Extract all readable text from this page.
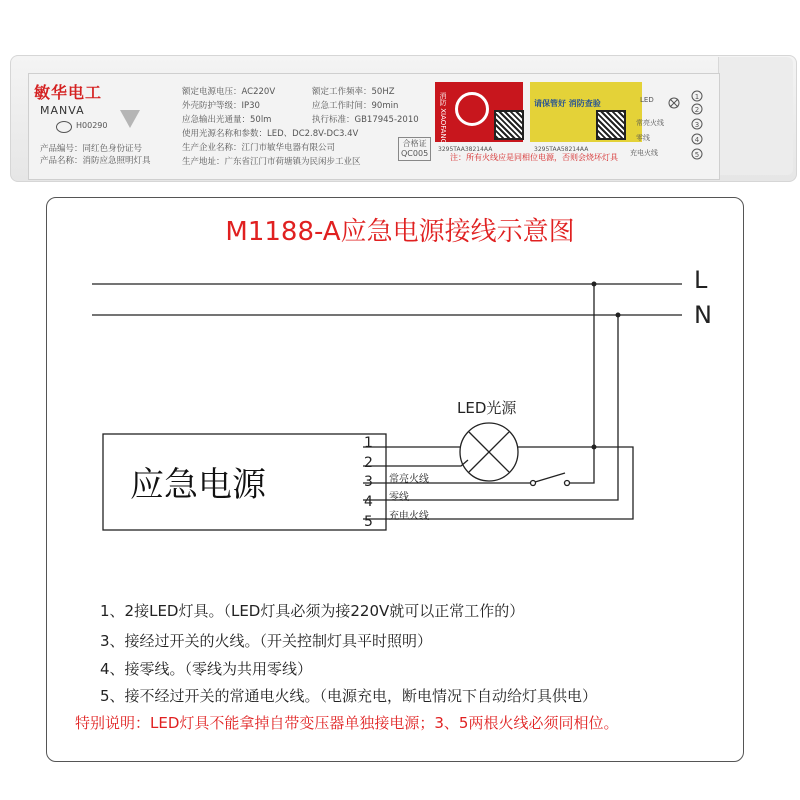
敏华电工
MANVA
H00290
产品编号：同红色身份证号
产品名称：消防应急照明灯具
额定电源电压：AC220V
外壳防护等级：IP30
应急输出光通量：50lm
使用光源名称和参数：LED、DC2.8V-DC3.4V
生产企业名称：江门市敏华电器有限公司
生产地址：广东省江门市荷塘镇为民闲步工业区
额定工作频率：50HZ
应急工作时间：90min
执行标准：GB17945-2010
合格证
QC005
消防 XIAOFANG
3295TAA38214AA
请保管好 消防查验
3295TAA58214AA
注：所有火线应是同相位电源，否则会烧坏灯具
LED
常亮火线
零线
充电火线
1
2
3
4
5
M1188-A应急电源接线示意图
L
N
LED光源
应急电源
1
2
3
4
5
常亮火线
零线
充电火线
1、2接LED灯具。（LED灯具必须为接220V就可以正常工作的）
3、接经过开关的火线。（开关控制灯具平时照明）
4、接零线。（零线为共用零线）
5、接不经过开关的常通电火线。（电源充电，断电情况下自动给灯具供电）
特别说明：LED灯具不能拿掉自带变压器单独接电源；3、5两根火线必须同相位。
